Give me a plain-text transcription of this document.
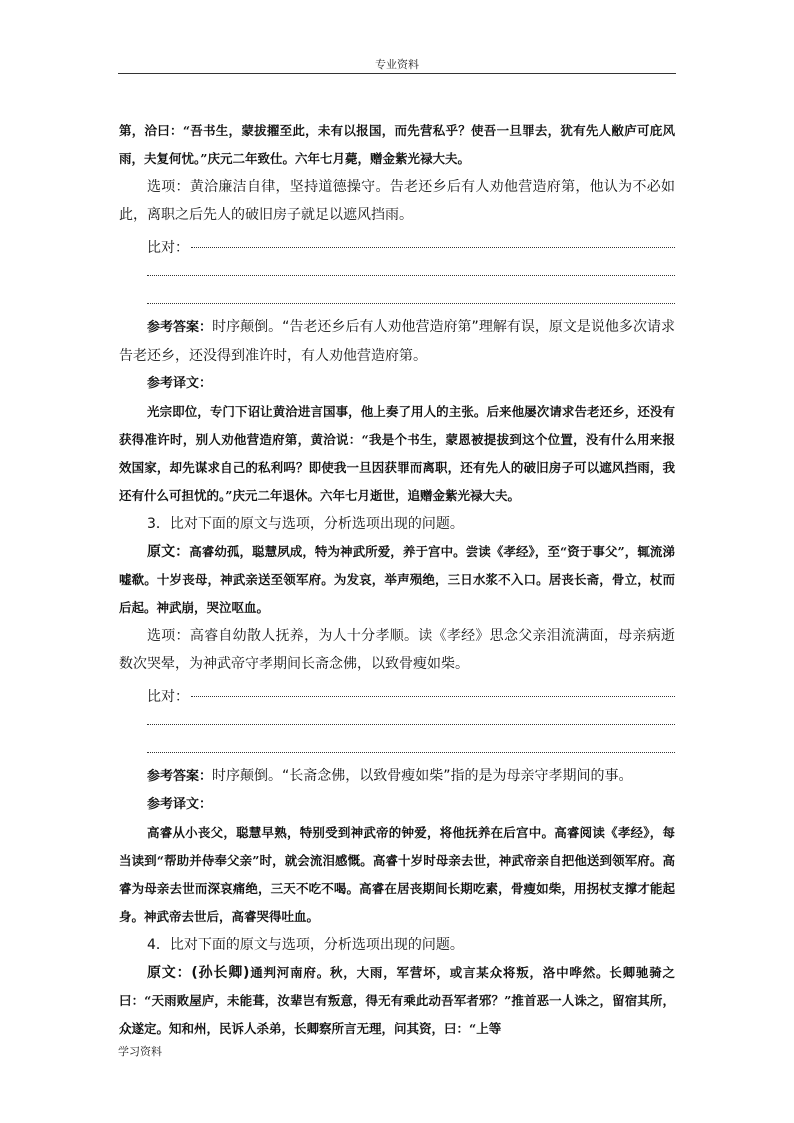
专业资料

第，洽曰：“吾书生，蒙拔擢至此，未有以报国，而先营私乎？使吾一旦罪去，犹有先人敝庐可庇风雨，夫复何忧。”庆元二年致仕。六年七月薨，赠金紫光禄大夫。

选项：黄洽廉洁自律，坚持道德操守。告老还乡后有人劝他营造府第，他认为不必如此，离职之后先人的破旧房子就足以遮风挡雨。

比对：

参考答案：时序颠倒。“告老还乡后有人劝他营造府第”理解有误，原文是说他多次请求告老还乡，还没得到准许时，有人劝他营造府第。

参考译文：

光宗即位，专门下诏让黄洽进言国事，他上奏了用人的主张。后来他屡次请求告老还乡，还没有获得准许时，别人劝他营造府第，黄洽说：“我是个书生，蒙恩被提拔到这个位置，没有什么用来报效国家，却先谋求自己的私利吗？即使我一旦因获罪而离职，还有先人的破旧房子可以遮风挡雨，我还有什么可担忧的。”庆元二年退休。六年七月逝世，追赠金紫光禄大夫。

3．比对下面的原文与选项，分析选项出现的问题。

原文：高睿幼孤，聪慧夙成，特为神武所爱，养于宫中。尝读《孝经》，至“资于事父”，辄流涕嘘欷。十岁丧母，神武亲送至领军府。为发哀，举声殒绝，三日水浆不入口。居丧长斋，骨立，杖而后起。神武崩，哭泣呕血。

选项：高睿自幼散人抚养，为人十分孝顺。读《孝经》思念父亲泪流满面，母亲病逝数次哭晕，为神武帝守孝期间长斋念佛，以致骨瘦如柴。

比对：

参考答案：时序颠倒。“长斋念佛，以致骨瘦如柴”指的是为母亲守孝期间的事。

参考译文：

高睿从小丧父，聪慧早熟，特别受到神武帝的钟爱，将他抚养在后宫中。高睿阅读《孝经》，每当读到“帮助并侍奉父亲”时，就会流泪感慨。高睿十岁时母亲去世，神武帝亲自把他送到领军府。高睿为母亲去世而深哀痛绝，三天不吃不喝。高睿在居丧期间长期吃素，骨瘦如柴，用拐杖支撑才能起身。神武帝去世后，高睿哭得吐血。

4．比对下面的原文与选项，分析选项出现的问题。

原文：(孙长卿)通判河南府。秋，大雨，军营坏，或言某众将叛，洛中哗然。长卿驰骑之曰：“天雨败屋庐，未能葺，汝辈岂有叛意，得无有乘此动吾军者邪？”推首恶一人诛之，留宿其所，众遂定。知和州，民诉人杀弟，长卿察所言无理，问其资，曰：“上等

学习资料
